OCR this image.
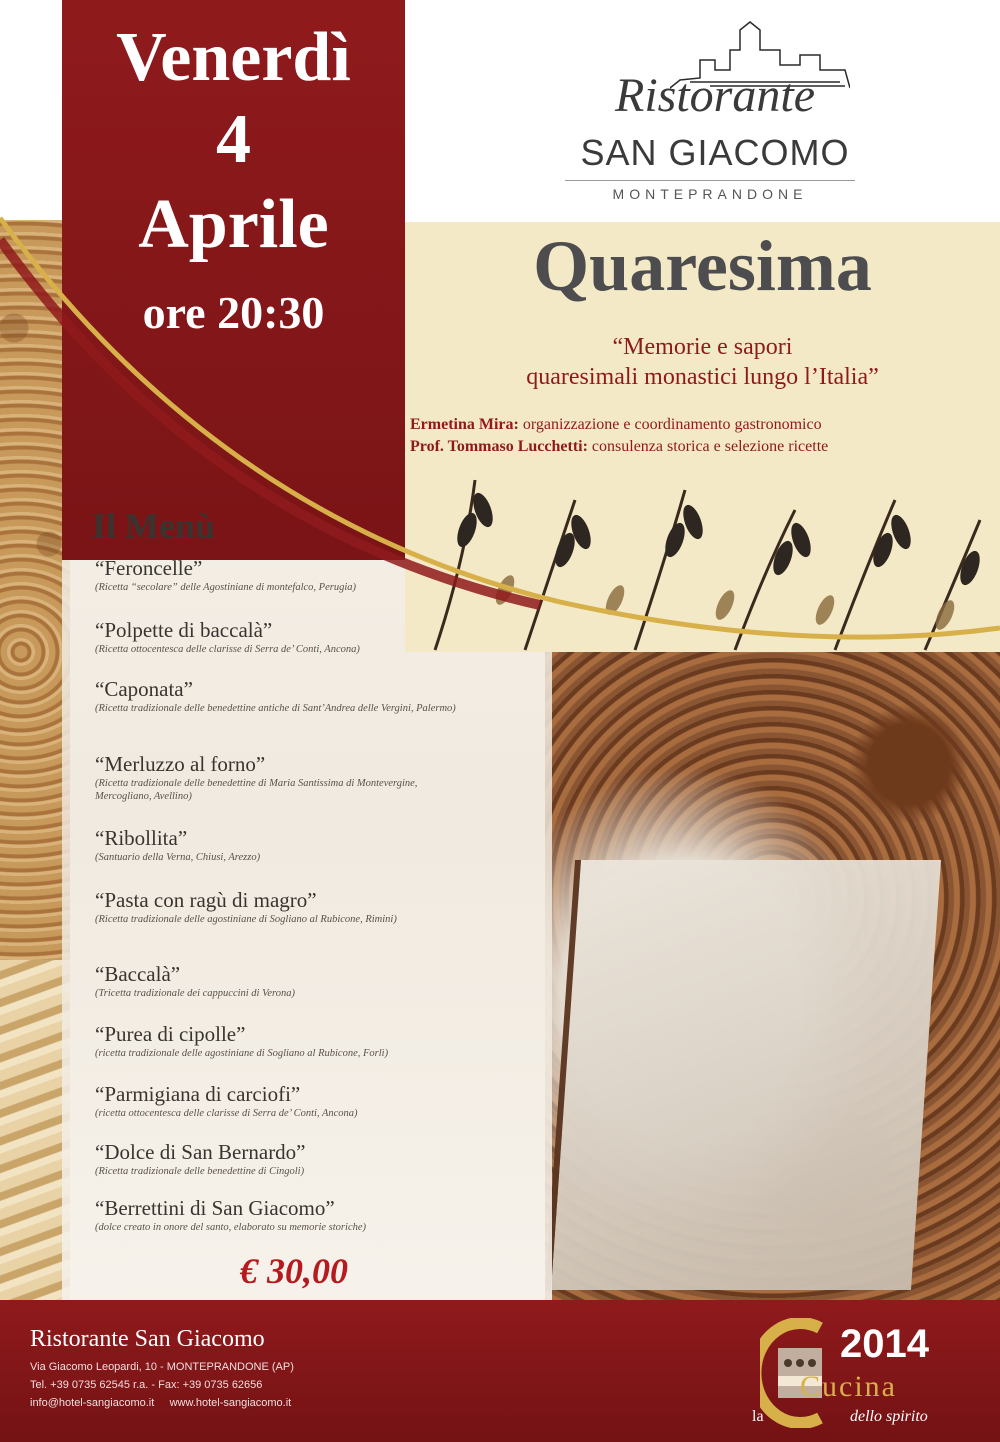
Venerdì
4
Aprile
ore 20:30
Ristorante
SAN GIACOMO
MONTEPRANDONE
Quaresima
“Memorie e sapori
quaresimali monastici lungo l’Italia”
Ermetina Mira: organizzazione e coordinamento gastronomico
Prof. Tommaso Lucchetti: consulenza storica e selezione ricette
Il Menù
“Feroncelle”
(Ricetta “secolare” delle Agostiniane di montefalco, Perugia)
“Polpette di baccalà”
(Ricetta ottocentesca delle clarisse di Serra de’ Conti, Ancona)
“Caponata”
(Ricetta tradizionale delle benedettine antiche di Sant’Andrea delle Vergini, Palermo)
“Merluzzo al forno”
(Ricetta tradizionale delle benedettine di Maria Santissima di Montevergine, Mercogliano, Avellino)
“Ribollita”
(Santuario della Verna, Chiusi, Arezzo)
“Pasta con ragù di magro”
(Ricetta tradizionale delle agostiniane di Sogliano al Rubicone, Rimini)
“Baccalà”
(Tricetta tradizionale dei cappuccini di Verona)
“Purea di cipolle”
(ricetta tradizionale delle agostiniane di Sogliano al Rubicone, Forlì)
“Parmigiana di carciofi”
(ricetta ottocentesca delle clarisse di Serra de’ Conti, Ancona)
“Dolce di San Bernardo”
(Ricetta tradizionale delle benedettine di Cingoli)
“Berrettini di San Giacomo”
(dolce creato in onore del santo, elaborato su memorie storiche)
€ 30,00
Ristorante San Giacomo
Via Giacomo Leopardi, 10 - MONTEPRANDONE (AP)
Tel. +39 0735 62545 r.a. - Fax: +39 0735 62656
info@hotel-sangiacomo.it     www.hotel-sangiacomo.it
2014
la
Cucina
dello spirito
